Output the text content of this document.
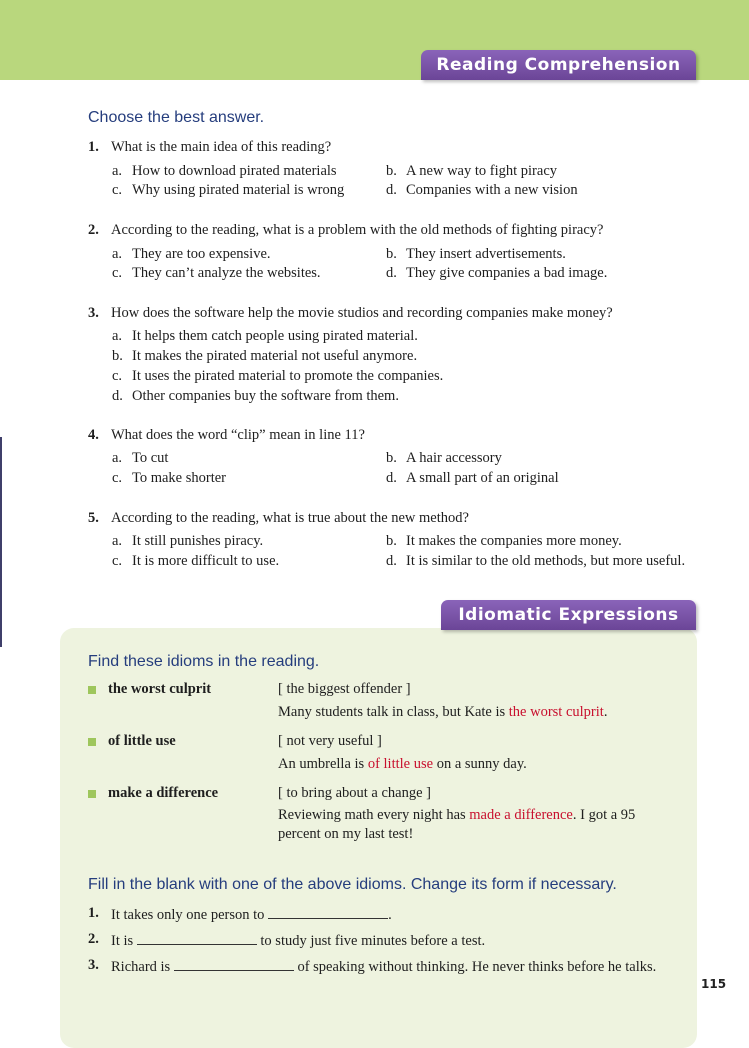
Reading Comprehension
Choose the best answer.
1. What is the main idea of this reading?
a. How to download pirated materials	b. A new way to fight piracy
c. Why using pirated material is wrong	d. Companies with a new vision
2. According to the reading, what is a problem with the old methods of fighting piracy?
a. They are too expensive.	b. They insert advertisements.
c. They can’t analyze the websites.	d. They give companies a bad image.
3. How does the software help the movie studios and recording companies make money?
a. It helps them catch people using pirated material.
b. It makes the pirated material not useful anymore.
c. It uses the pirated material to promote the companies.
d. Other companies buy the software from them.
4. What does the word “clip” mean in line 11?
a. To cut	b. A hair accessory
c. To make shorter	d. A small part of an original
5. According to the reading, what is true about the new method?
a. It still punishes piracy.	b. It makes the companies more money.
c. It is more difficult to use.	d. It is similar to the old methods, but more useful.
Idiomatic Expressions
Find these idioms in the reading.
the worst culprit	[ the biggest offender ]
Many students talk in class, but Kate is the worst culprit.
of little use	[ not very useful ]
An umbrella is of little use on a sunny day.
make a difference	[ to bring about a change ]
Reviewing math every night has made a difference. I got a 95
percent on my last test!
Fill in the blank with one of the above idioms. Change its form if necessary.
1. It takes only one person to	.
2. It is	to study just five minutes before a test.
3. Richard is	of speaking without thinking. He never thinks before he talks.
115
